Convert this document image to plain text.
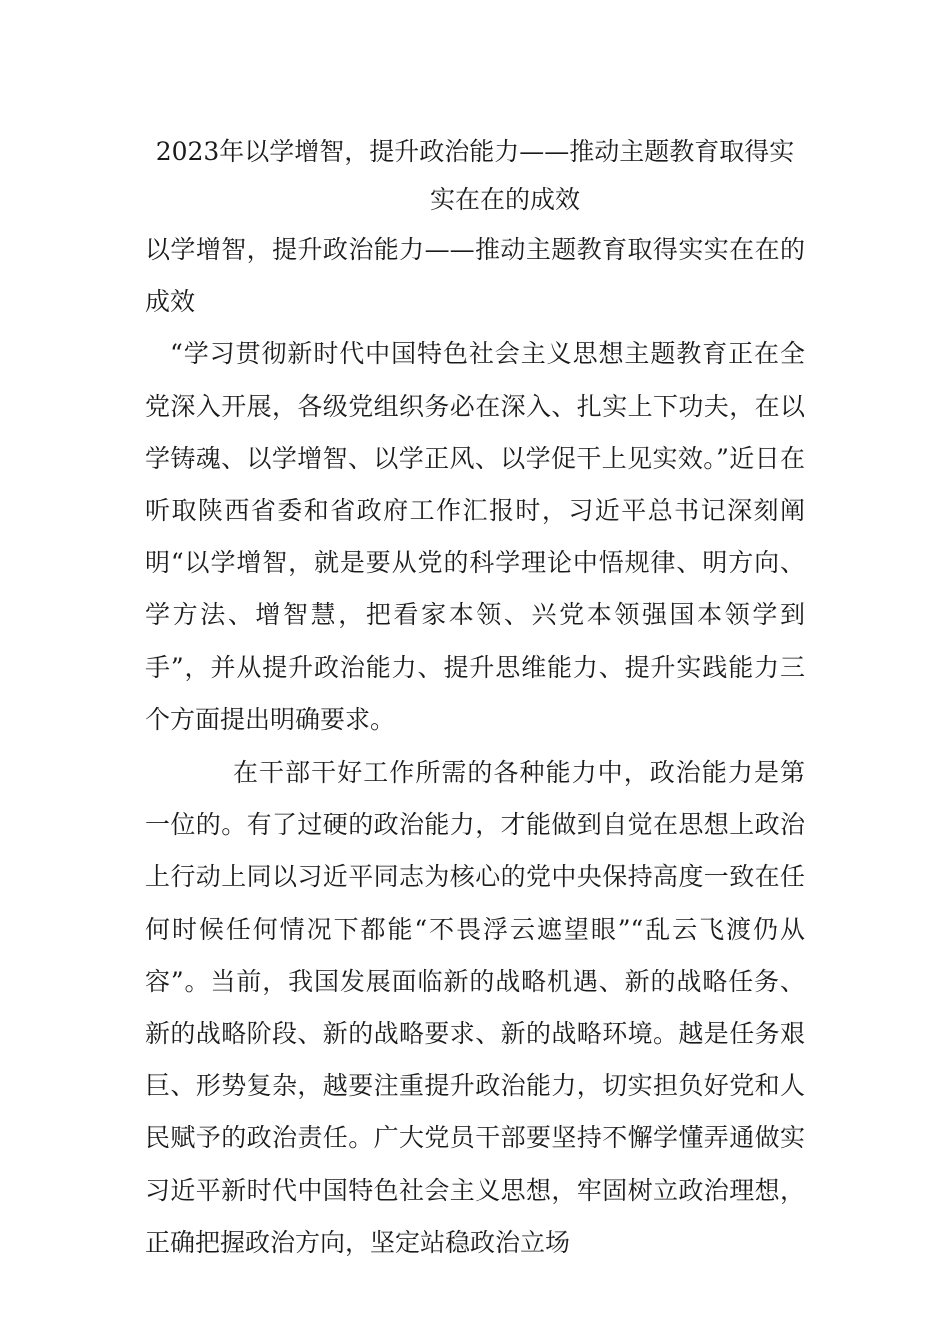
2023年以学增智，提升政治能力——推动主题教育取得实
实在在的成效

以学增智，提升政治能力——推动主题教育取得实实在在的成效

“学习贯彻新时代中国特色社会主义思想主题教育正在全党深入开展，各级党组织务必在深入、扎实上下功夫，在以学铸魂、以学增智、以学正风、以学促干上见实效。”近日在听取陕西省委和省政府工作汇报时，习近平总书记深刻阐明“以学增智，就是要从党的科学理论中悟规律、明方向、学方法、增智慧，把看家本领、兴党本领强国本领学到手”，并从提升政治能力、提升思维能力、提升实践能力三个方面提出明确要求。

在干部干好工作所需的各种能力中，政治能力是第一位的。有了过硬的政治能力，才能做到自觉在思想上政治上行动上同以习近平同志为核心的党中央保持高度一致在任何时候任何情况下都能“不畏浮云遮望眼”“乱云飞渡仍从容”。当前，我国发展面临新的战略机遇、新的战略任务、新的战略阶段、新的战略要求、新的战略环境。越是任务艰巨、形势复杂，越要注重提升政治能力，切实担负好党和人民赋予的政治责任。广大党员干部要坚持不懈学懂弄通做实习近平新时代中国特色社会主义思想，牢固树立政治理想，正确把握政治方向，坚定站稳政治立场
